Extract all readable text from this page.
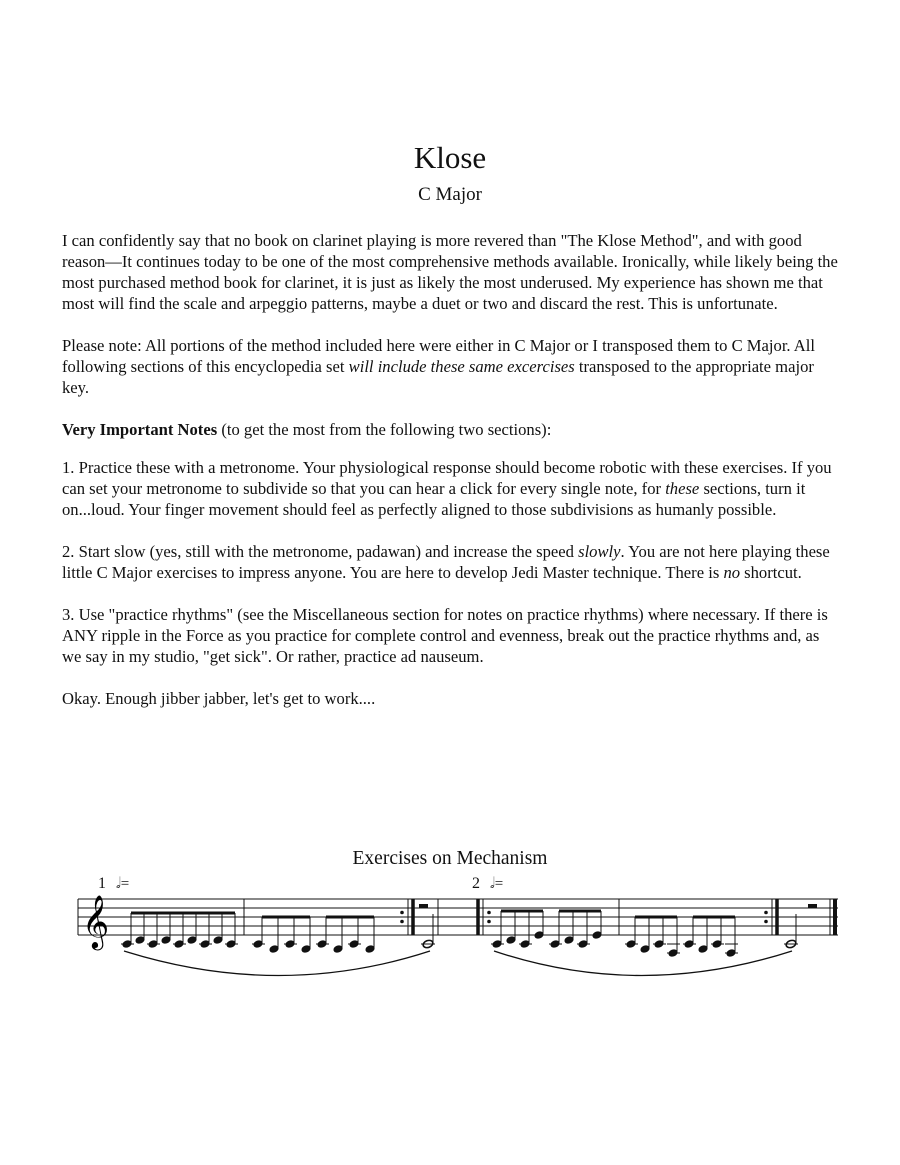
Klose
C Major

I can confidently say that no book on clarinet playing is more revered than "The Klose Method", and with good reason—It continues today to be one of the most comprehensive methods available. Ironically, while likely being the most purchased method book for clarinet, it is just as likely the most underused. My experience has shown me that most will find the scale and arpeggio patterns, maybe a duet or two and discard the rest. This is unfortunate.

Please note: All portions of the method included here were either in C Major or I transposed them to C Major. All following sections of this encyclopedia set will include these same excercises transposed to the appropriate major key.

Very Important Notes (to get the most from the following two sections):

1. Practice these with a metronome. Your physiological response should become robotic with these exercises. If you can set your metronome to subdivide so that you can hear a click for every single note, for these sections, turn it on...loud. Your finger movement should feel as perfectly aligned to those subdivisions as humanly possible.

2. Start slow (yes, still with the metronome, padawan) and increase the speed slowly. You are not here playing these little C Major exercises to impress anyone. You are here to develop Jedi Master technique. There is no shortcut.

3. Use "practice rhythms" (see the Miscellaneous section for notes on practice rhythms) where necessary. If there is ANY ripple in the Force as you practice for complete control and evenness, break out the practice rhythms and, as we say in my studio, "get sick". Or rather, practice ad nauseum.

Okay. Enough jibber jabber, let's get to work....

Exercises on Mechanism
1 𝅗𝅥=	2 𝅗𝅥=
𝄞
